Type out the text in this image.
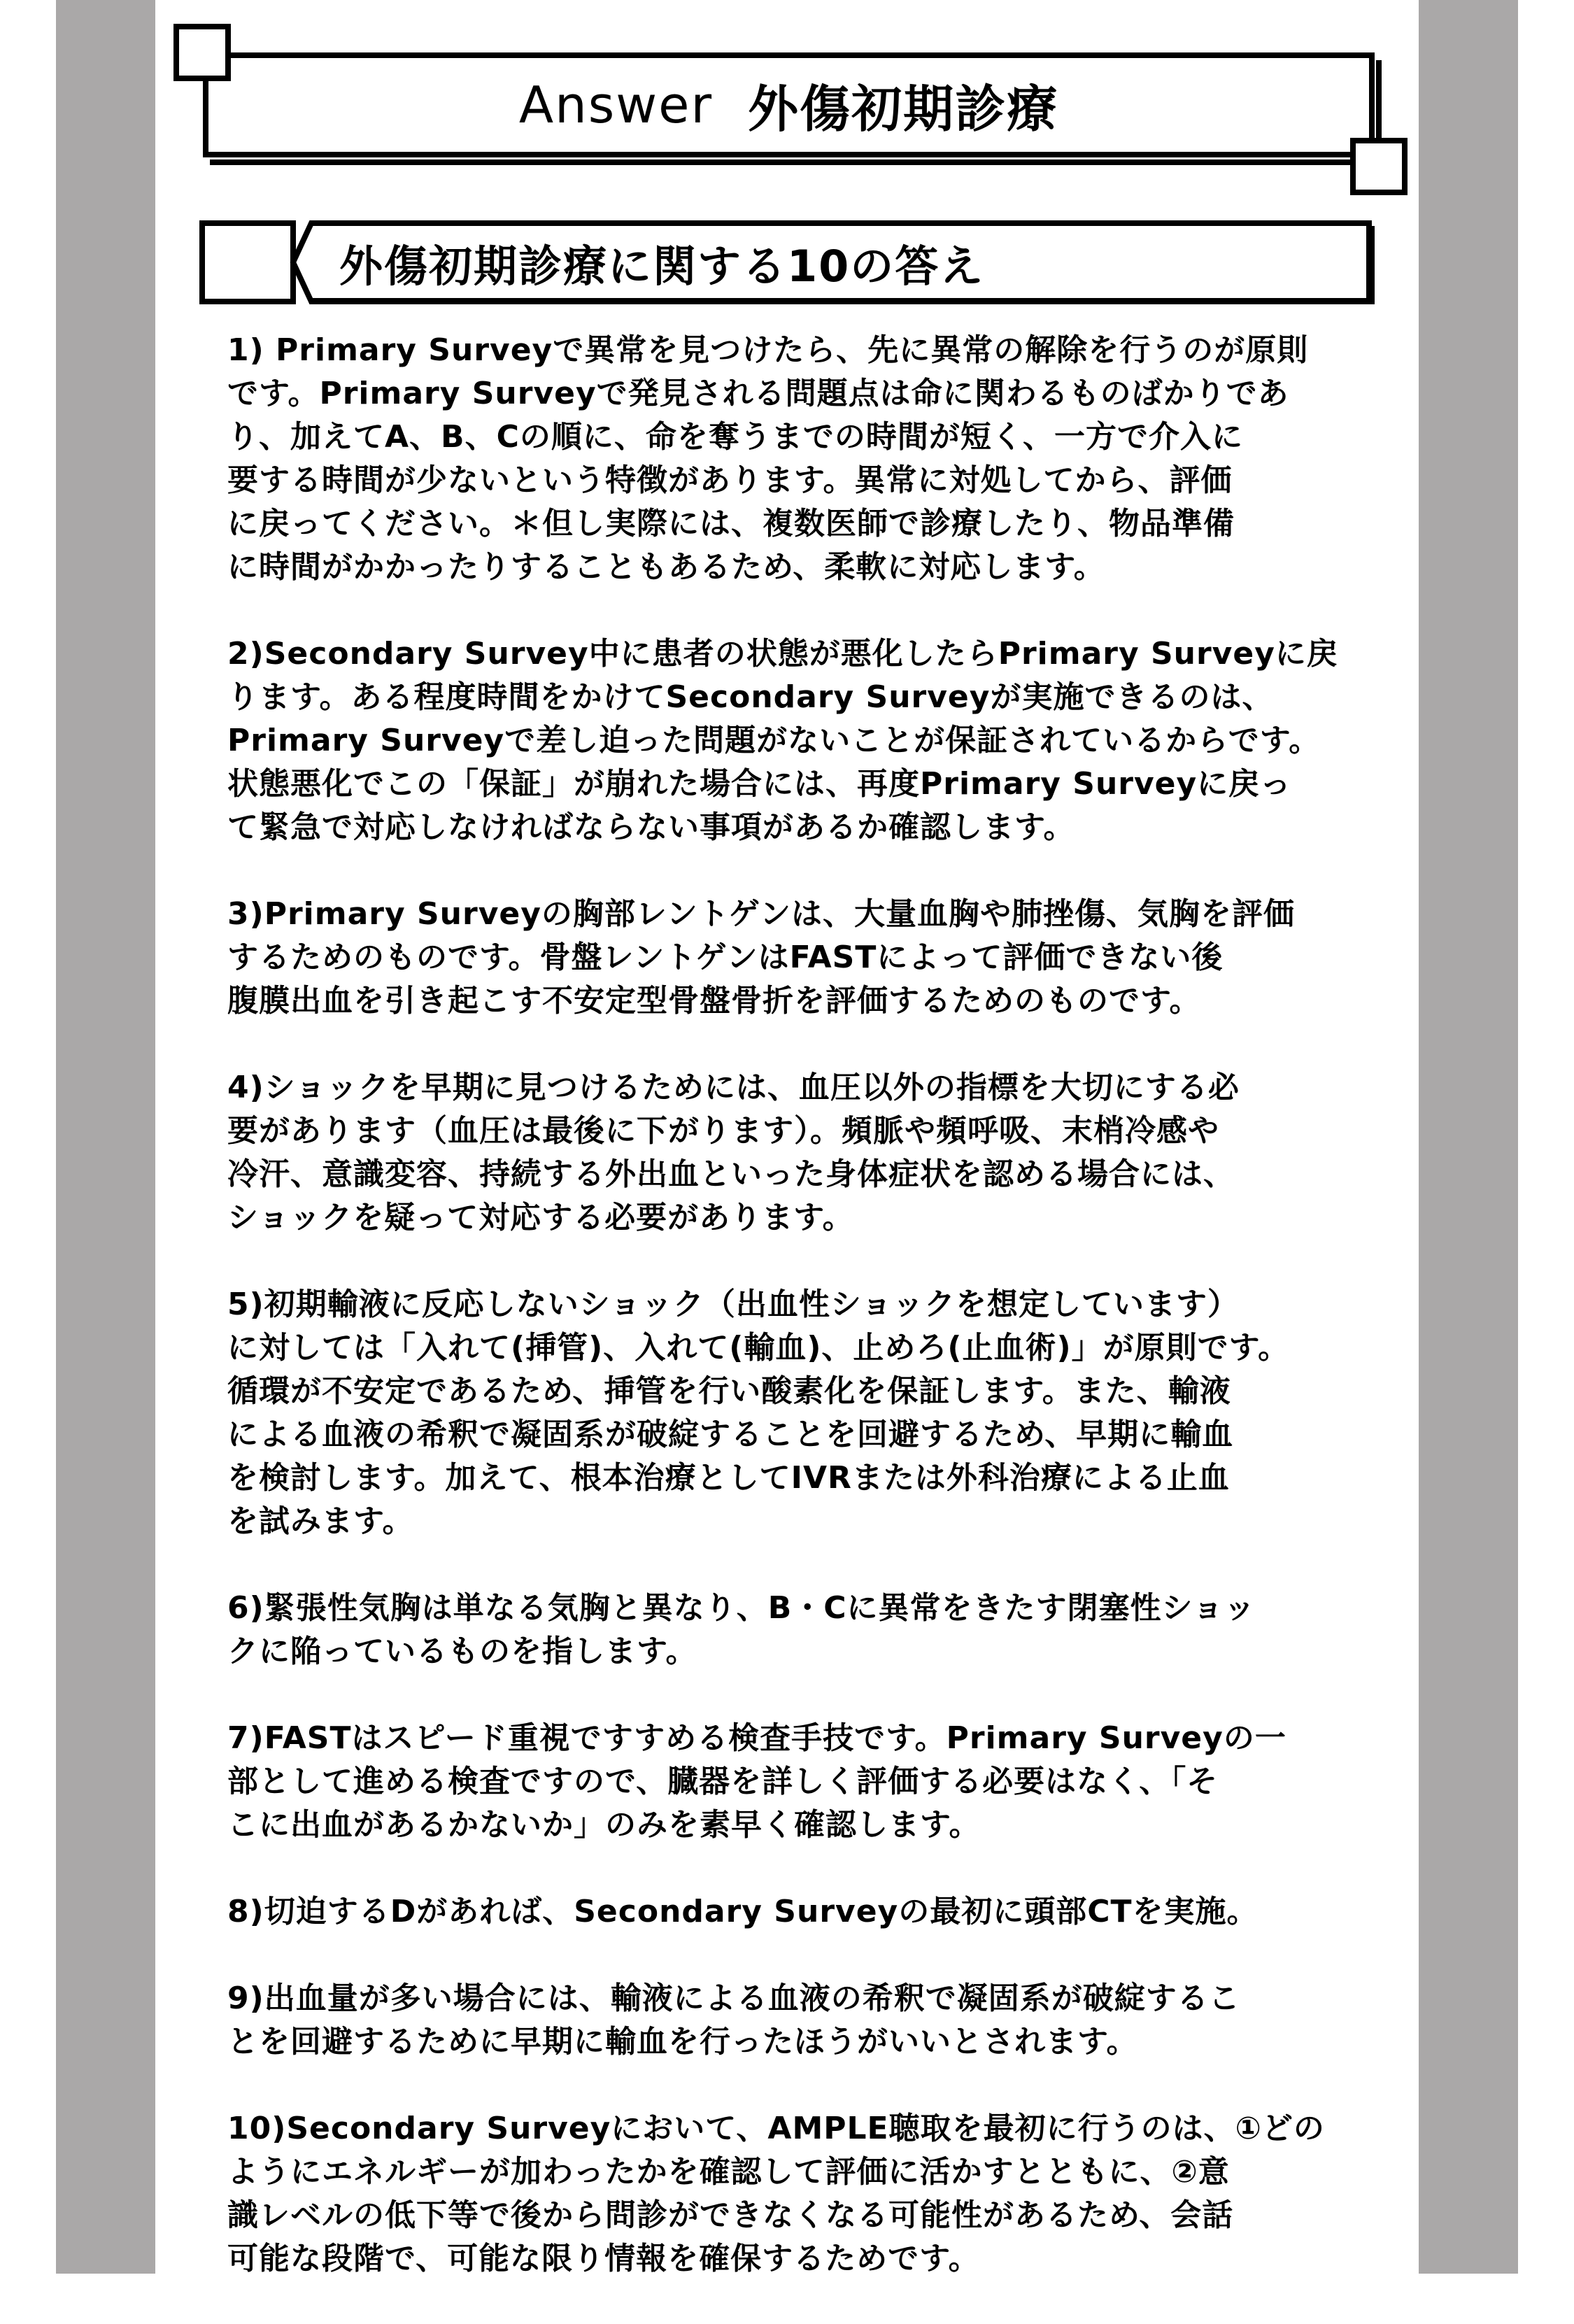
Answer 外傷初期診療
外傷初期診療に関する10の答え

1) Primary Surveyで異常を見つけたら、先に異常の解除を行うのが原則
です。Primary Surveyで発見される問題点は命に関わるものばかりであ
り、加えてA、B、Cの順に、命を奪うまでの時間が短く、一方で介入に
要する時間が少ないという特徴があります。異常に対処してから、評価
に戻ってください。＊但し実際には、複数医師で診療したり、物品準備
に時間がかかったりすることもあるため、柔軟に対応します。

2)Secondary Survey中に患者の状態が悪化したらPrimary Surveyに戻
ります。ある程度時間をかけてSecondary Surveyが実施できるのは、
Primary Surveyで差し迫った問題がないことが保証されているからです。
状態悪化でこの「保証」が崩れた場合には、再度Primary Surveyに戻っ
て緊急で対応しなければならない事項があるか確認します。

3)Primary Surveyの胸部レントゲンは、大量血胸や肺挫傷、気胸を評価
するためのものです。骨盤レントゲンはFASTによって評価できない後
腹膜出血を引き起こす不安定型骨盤骨折を評価するためのものです。

4)ショックを早期に見つけるためには、血圧以外の指標を大切にする必
要があります（血圧は最後に下がります）。頻脈や頻呼吸、末梢冷感や
冷汗、意識変容、持続する外出血といった身体症状を認める場合には、
ショックを疑って対応する必要があります。

5)初期輸液に反応しないショック（出血性ショックを想定しています）
に対しては「入れて(挿管)、入れて(輸血)、止めろ(止血術)」が原則です。
循環が不安定であるため、挿管を行い酸素化を保証します。また、輸液
による血液の希釈で凝固系が破綻することを回避するため、早期に輸血
を検討します。加えて、根本治療としてIVRまたは外科治療による止血
を試みます。

6)緊張性気胸は単なる気胸と異なり、B・Cに異常をきたす閉塞性ショッ
クに陥っているものを指します。

7)FASTはスピード重視ですすめる検査手技です。Primary Surveyの一
部として進める検査ですので、臓器を詳しく評価する必要はなく、「そ
こに出血があるかないか」のみを素早く確認します。

8)切迫するDがあれば、Secondary Surveyの最初に頭部CTを実施。

9)出血量が多い場合には、輸液による血液の希釈で凝固系が破綻するこ
とを回避するために早期に輸血を行ったほうがいいとされます。

10)Secondary Surveyにおいて、AMPLE聴取を最初に行うのは、①どの
ようにエネルギーが加わったかを確認して評価に活かすとともに、②意
識レベルの低下等で後から問診ができなくなる可能性があるため、会話
可能な段階で、可能な限り情報を確保するためです。
